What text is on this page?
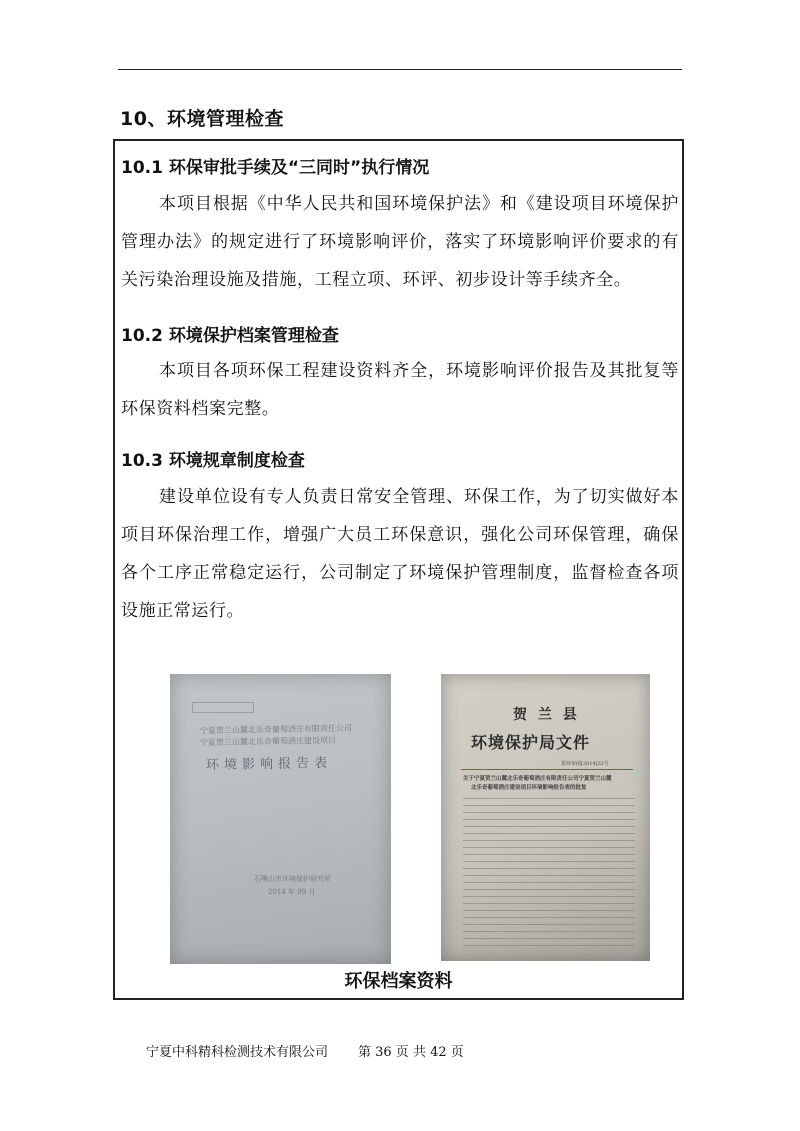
10、环境管理检查
10.1 环保审批手续及“三同时”执行情况
本项目根据《中华人民共和国环境保护法》和《建设项目环境保护管理办法》的规定进行了环境影响评价，落实了环境影响评价要求的有关污染治理设施及措施，工程立项、环评、初步设计等手续齐全。
10.2 环境保护档案管理检查
本项目各项环保工程建设资料齐全，环境影响评价报告及其批复等环保资料档案完整。
10.3 环境规章制度检查
建设单位设有专人负责日常安全管理、环保工作，为了切实做好本项目环保治理工作，增强广大员工环保意识，强化公司环保管理，确保各个工序正常稳定运行，公司制定了环境保护管理制度，监督检查各项设施正常运行。
宁夏贺兰山麓北乐奇葡萄酒庄有限责任公司
宁夏贺兰山麓北乐奇葡萄酒庄建设项目
环境影响报告表
石嘴山市环境保护研究所
2014 年 09 月
贺 兰 县
环境保护局文件
贺环审函[2014]32号
关于宁夏贺兰山麓北乐奇葡萄酒庄有限责任公司宁夏贺兰山麓
北乐奇葡萄酒庄建设项目环境影响报告表的批复
环保档案资料
宁夏中科精科检测技术有限公司 第 36 页 共 42 页
